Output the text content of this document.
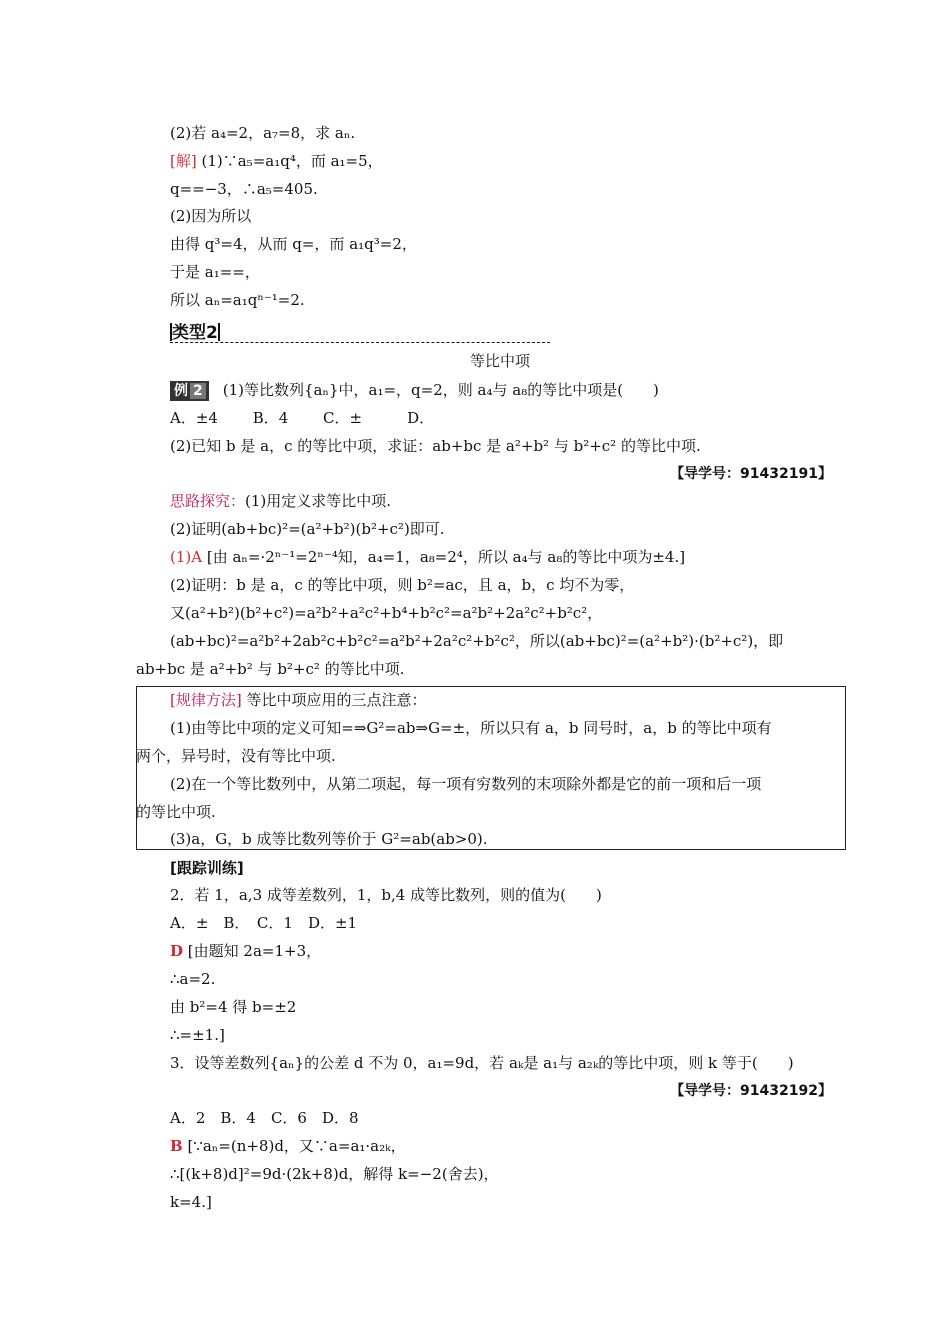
(2)若 a₄=2，a₇=8，求 aₙ.
[解] (1)∵a₅=a₁q⁴，而 a₁=5，
q==−3，∴a₅=405.
(2)因为所以
由得 q³=4，从而 q=，而 a₁q³=2，
于是 a₁==，
所以 aₙ=a₁qⁿ⁻¹=2.
类型2
等比中项
例 2 (1)等比数列{aₙ}中，a₁=，q=2，则 a₄与 a₈的等比中项是(　　)
A．±4　　 B．4　　 C．±　　　D．
(2)已知 b 是 a，c 的等比中项，求证：ab+bc 是 a²+b² 与 b²+c² 的等比中项.
【导学号：91432191】
思路探究：(1)用定义求等比中项.
(2)证明(ab+bc)²=(a²+b²)(b²+c²)即可.
(1)A [由 aₙ=·2ⁿ⁻¹=2ⁿ⁻⁴知，a₄=1，a₈=2⁴，所以 a₄与 a₈的等比中项为±4.]
(2)证明：b 是 a，c 的等比中项，则 b²=ac，且 a，b，c 均不为零，
又(a²+b²)(b²+c²)=a²b²+a²c²+b⁴+b²c²=a²b²+2a²c²+b²c²，
(ab+bc)²=a²b²+2ab²c+b²c²=a²b²+2a²c²+b²c²，所以(ab+bc)²=(a²+b²)·(b²+c²)，即
ab+bc 是 a²+b² 与 b²+c² 的等比中项.
[规律方法] 等比中项应用的三点注意：
(1)由等比中项的定义可知=⇒G²=ab⇒G=±，所以只有 a，b 同号时，a，b 的等比中项有
两个，异号时，没有等比中项.
(2)在一个等比数列中，从第二项起，每一项有穷数列的末项除外都是它的前一项和后一项
的等比中项.
(3)a，G，b 成等比数列等价于 G²=ab(ab>0).
[跟踪训练]
2．若 1，a,3 成等差数列，1，b,4 成等比数列，则的值为(　　)
A．±　B．　C．1　D．±1
D [由题知 2a=1+3，
∴a=2.
由 b²=4 得 b=±2
∴=±1.]
3．设等差数列{aₙ}的公差 d 不为 0，a₁=9d，若 aₖ是 a₁与 a₂ₖ的等比中项，则 k 等于(　　)
【导学号：91432192】
A．2　B．4　C．6　D．8
B [∵aₙ=(n+8)d，又∵a=a₁·a₂ₖ，
∴[(k+8)d]²=9d·(2k+8)d，解得 k=−2(舍去)，
k=4.]
